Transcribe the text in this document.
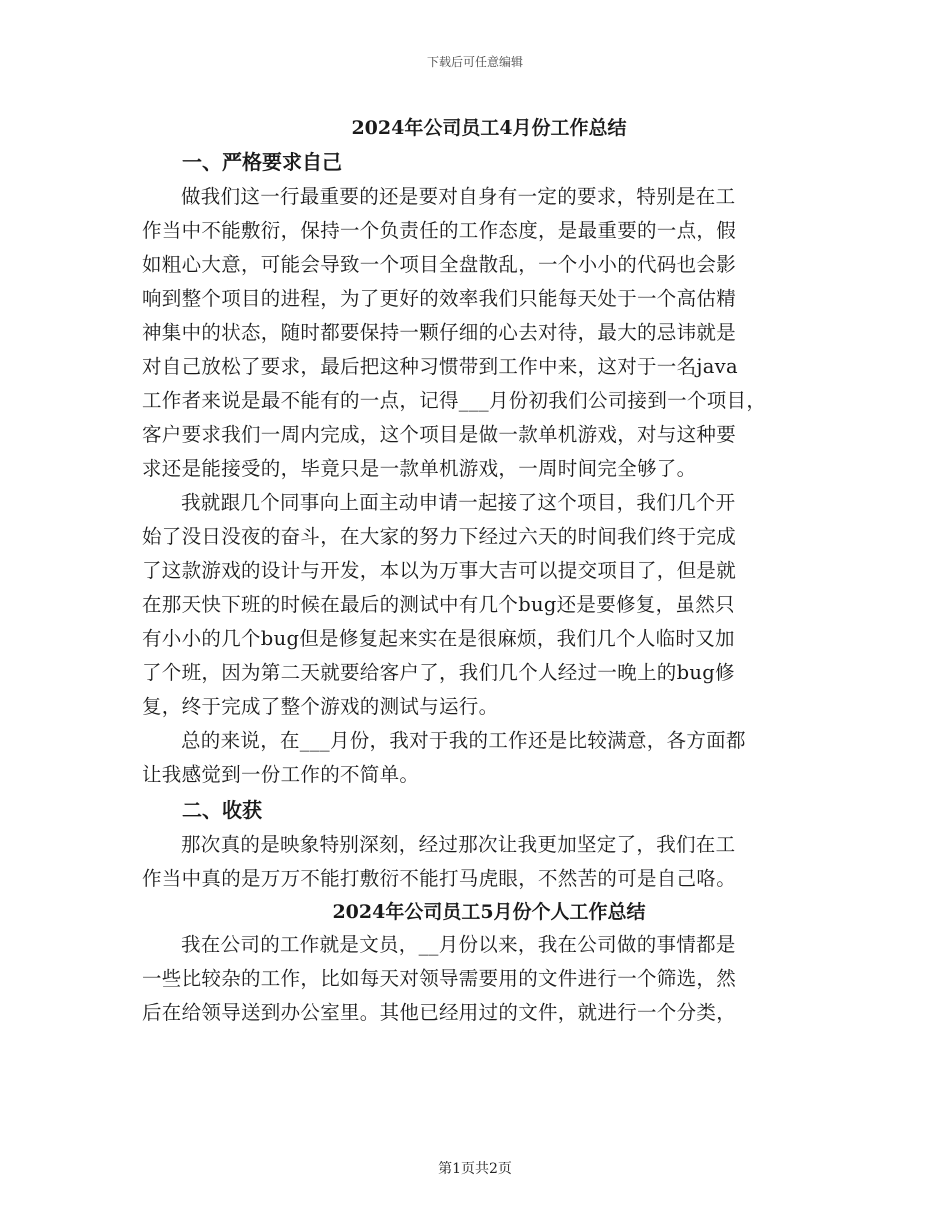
下载后可任意编辑
2024年公司员工4月份工作总结
一、严格要求自己
做我们这一行最重要的还是要对自身有一定的要求，特别是在工
作当中不能敷衍，保持一个负责任的工作态度，是最重要的一点，假
如粗心大意，可能会导致一个项目全盘散乱，一个小小的代码也会影
响到整个项目的进程，为了更好的效率我们只能每天处于一个高估精
神集中的状态，随时都要保持一颗仔细的心去对待，最大的忌讳就是
对自己放松了要求，最后把这种习惯带到工作中来，这对于一名java
工作者来说是最不能有的一点，记得___月份初我们公司接到一个项目，
客户要求我们一周内完成，这个项目是做一款单机游戏，对与这种要
求还是能接受的，毕竟只是一款单机游戏，一周时间完全够了。
我就跟几个同事向上面主动申请一起接了这个项目，我们几个开
始了没日没夜的奋斗，在大家的努力下经过六天的时间我们终于完成
了这款游戏的设计与开发，本以为万事大吉可以提交项目了，但是就
在那天快下班的时候在最后的测试中有几个bug还是要修复，虽然只
有小小的几个bug但是修复起来实在是很麻烦，我们几个人临时又加
了个班，因为第二天就要给客户了，我们几个人经过一晚上的bug修
复，终于完成了整个游戏的测试与运行。
总的来说，在___月份，我对于我的工作还是比较满意，各方面都
让我感觉到一份工作的不简单。
二、收获
那次真的是映象特别深刻，经过那次让我更加坚定了，我们在工
作当中真的是万万不能打敷衍不能打马虎眼，不然苦的可是自己咯。
2024年公司员工5月份个人工作总结
我在公司的工作就是文员，__月份以来，我在公司做的事情都是
一些比较杂的工作，比如每天对领导需要用的文件进行一个筛选，然
后在给领导送到办公室里。其他已经用过的文件，就进行一个分类，
第1页共2页
